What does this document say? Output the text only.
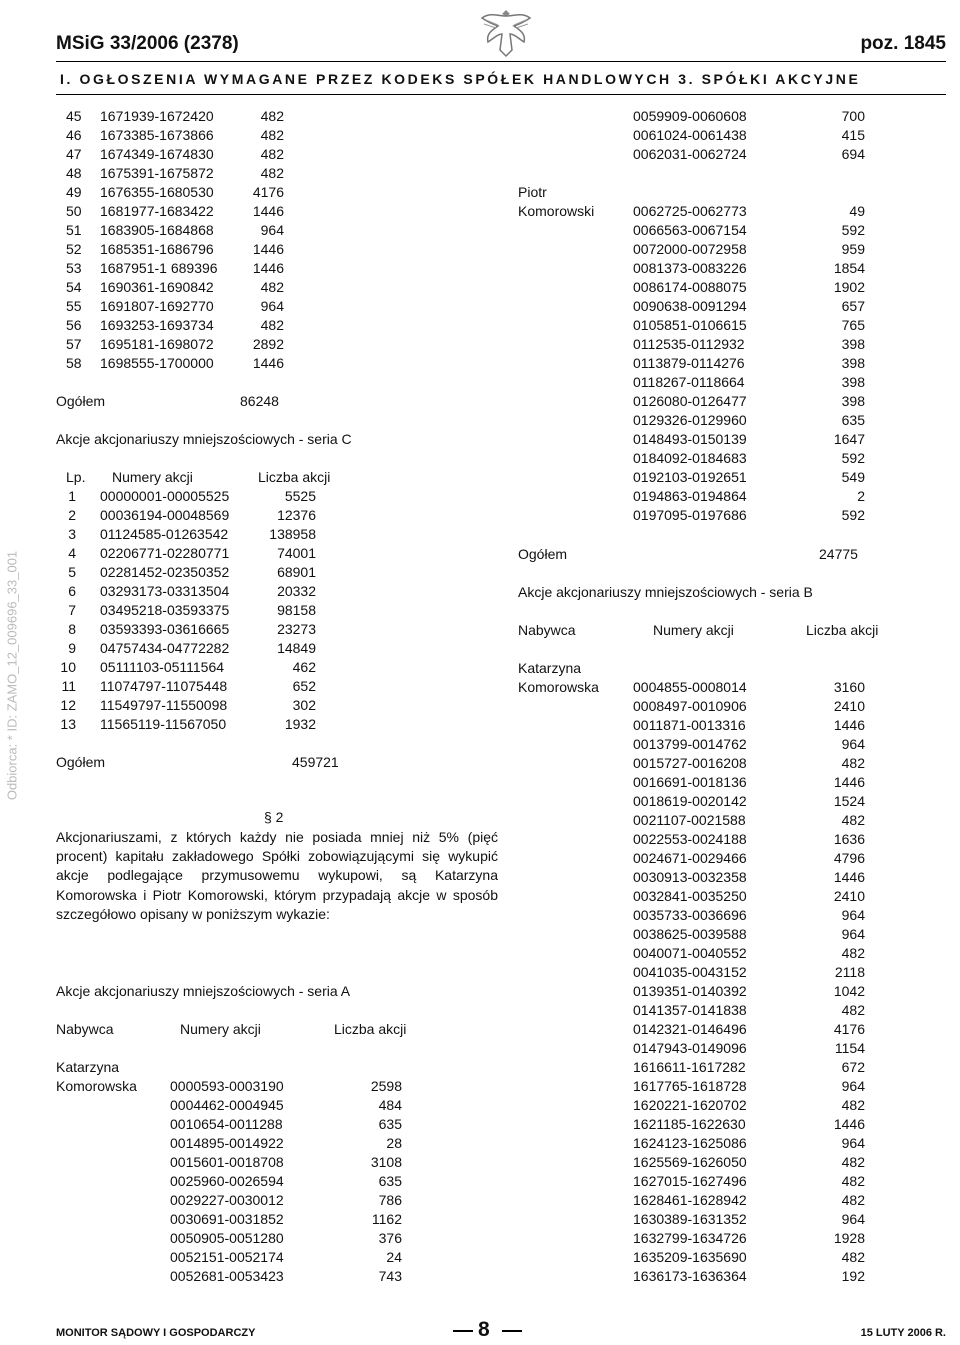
MSiG 33/2006 (2378)	poz. 1845
I. OGŁOSZENIA WYMAGANE PRZEZ KODEKS SPÓŁEK HANDLOWYCH 3. SPÓŁKI AKCYJNE
Odbiorca: * ID: ZAMO_12_009696_33_001
45 1671939-1672420	482
46 1673385-1673866	482
47 1674349-1674830	482
48 1675391-1675872	482
49 1676355-1680530	4176
50 1681977-1683422	1446
51 1683905-1684868	964
52 1685351-1686796	1446
53 1687951-1 689396	1446
54 1690361-1690842	482
55 1691807-1692770	964
56 1693253-1693734	482
57 1695181-1698072	2892
58 1698555-1700000	1446
Ogółem	86248
Akcje akcjonariuszy mniejszościowych - seria C
Lp. Numery akcji	Liczba akcji
1 00000001-00005525	5525
2 00036194-00048569	12376
3 01124585-01263542	138958
4 02206771-02280771	74001
5 02281452-02350352	68901
6 03293173-03313504	20332
7 03495218-03593375	98158
8 03593393-03616665	23273
9 04757434-04772282	14849
10 05111103-05111564	462
11 11074797-11075448	652
12 11549797-11550098	302
13 11565119-11567050	1932
Ogółem	459721
§ 2
Akcjonariuszami, z których każdy nie posiada mniej niż 5% (pięć procent) kapitału zakładowego Spółki zobowiązującymi się wykupić akcje podlegające przymusowemu wykupowi, są Katarzyna Komorowska i Piotr Komorowski, którym przypadają akcje w sposób szczegółowo opisany w poniższym wykazie:
Akcje akcjonariuszy mniejszościowych - seria A
Nabywca	Numery akcji	Liczba akcji
Katarzyna
Komorowska 0000593-0003190	2598
0004462-0004945	484
0010654-0011288	635
0014895-0014922	28
0015601-0018708	3108
0025960-0026594	635
0029227-0030012	786
0030691-0031852	1162
0050905-0051280	376
0052151-0052174	24
0052681-0053423	743
0059909-0060608	700
0061024-0061438	415
0062031-0062724	694
Piotr
Komorowski	0062725-0062773	49
0066563-0067154	592
0072000-0072958	959
0081373-0083226	1854
0086174-0088075	1902
0090638-0091294	657
0105851-0106615	765
0112535-0112932	398
0113879-0114276	398
0118267-0118664	398
0126080-0126477	398
0129326-0129960	635
0148493-0150139	1647
0184092-0184683	592
0192103-0192651	549
0194863-0194864	2
0197095-0197686	592
Ogółem	24775
Akcje akcjonariuszy mniejszościowych - seria B
Nabywca	Numery akcji	Liczba akcji
Katarzyna
Komorowska 0004855-0008014	3160
0008497-0010906	2410
0011871-0013316	1446
0013799-0014762	964
0015727-0016208	482
0016691-0018136	1446
0018619-0020142	1524
0021107-0021588	482
0022553-0024188	1636
0024671-0029466	4796
0030913-0032358	1446
0032841-0035250	2410
0035733-0036696	964
0038625-0039588	964
0040071-0040552	482
0041035-0043152	2118
0139351-0140392	1042
0141357-0141838	482
0142321-0146496	4176
0147943-0149096	1154
1616611-1617282	672
1617765-1618728	964
1620221-1620702	482
1621185-1622630	1446
1624123-1625086	964
1625569-1626050	482
1627015-1627496	482
1628461-1628942	482
1630389-1631352	964
1632799-1634726	1928
1635209-1635690	482
1636173-1636364	192
MONITOR SĄDOWY I GOSPODARCZY	8	15 LUTY 2006 R.
